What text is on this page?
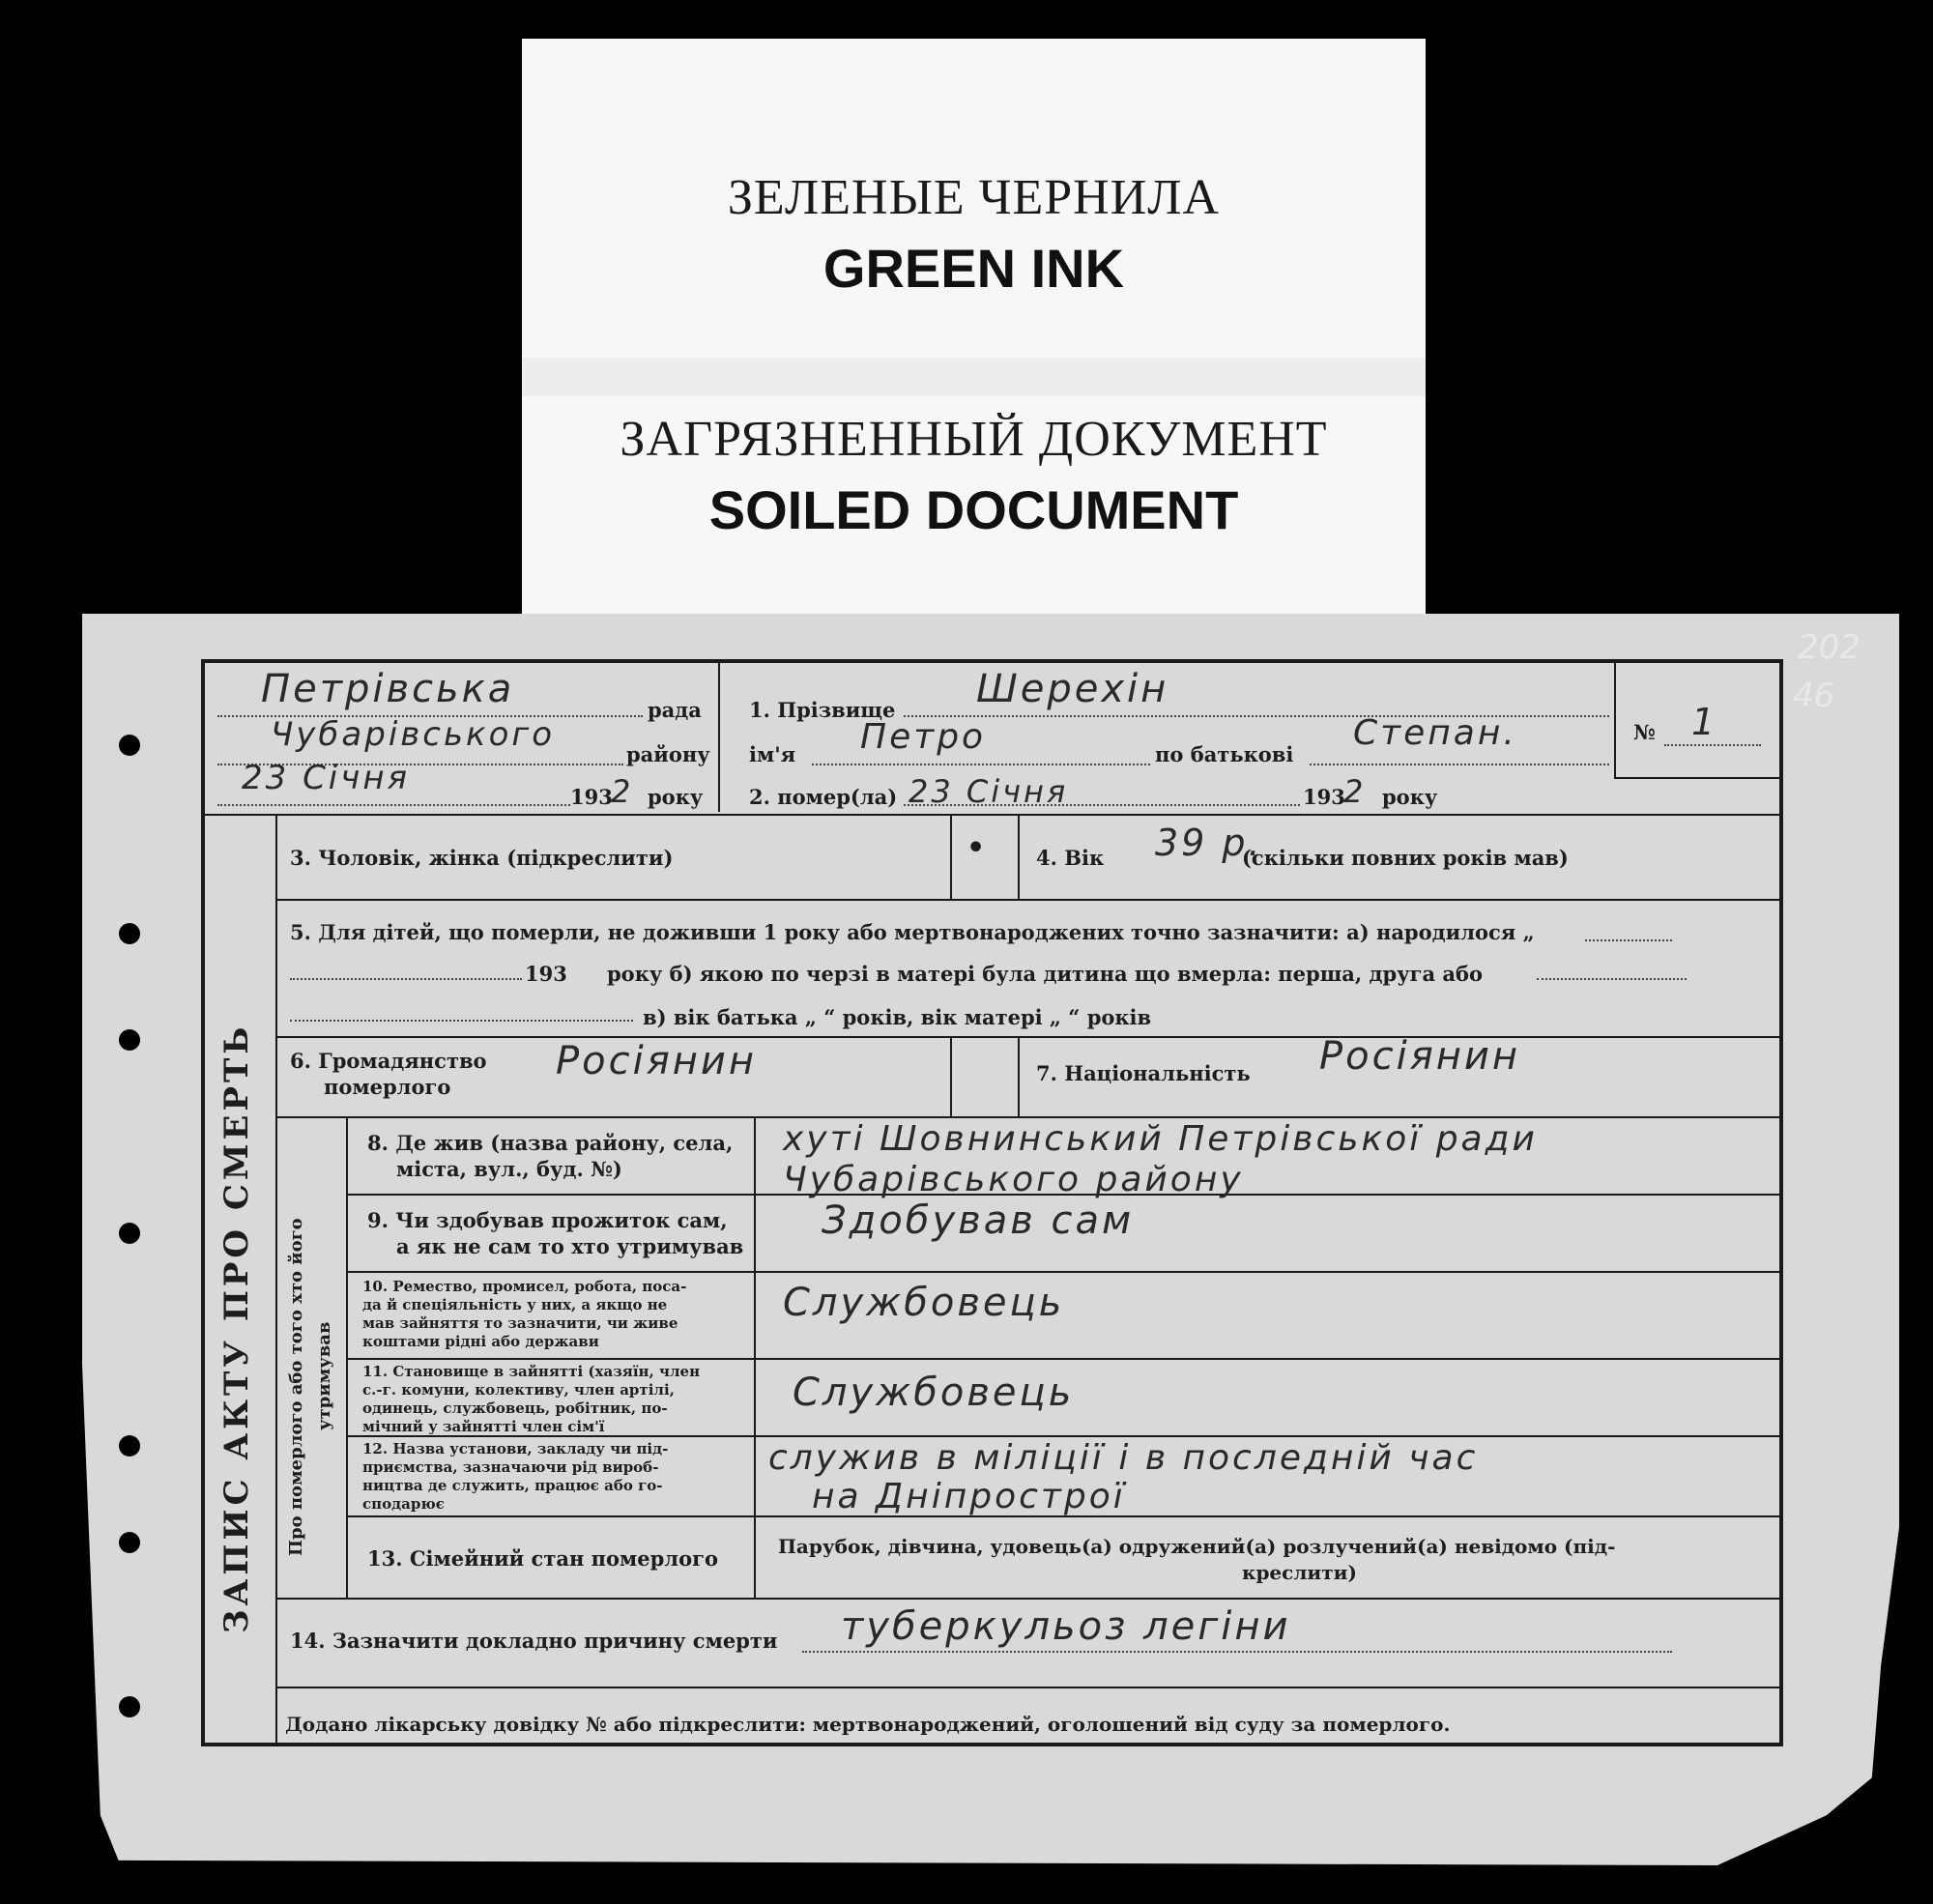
ЗЕЛЕНЫЕ ЧЕРНИЛА
GREEN INK
ЗАГРЯЗНЕННЫЙ ДОКУМЕНТ
SOILED DOCUMENT
202
46
Петрівська	рада
Чубарівського
району
23 Січня	193
2 року
1. Прізвище Шерехін
ім'я Петро	по батькові
Степан.
2. помер(ла) 23 Січня	193
2 року
№ 1
ЗАПИС АКТУ ПРО СМЕРТЬ Про померлого або того хто його утримував
3. Чоловік, жінка (підкреслити)	•	4. Вік 39 р.
(скільки повних років мав)
5. Для дітей, що померли, не доживши 1 року або мертвонароджених точно зазначити: а) народилося „
193 року б) якою по черзі в матері була дитина що вмерла: перша, друга або
в) вік батька „ “ років, вік матері „ “ років
6. Громадянство
померлого
Росіянин	7. Національність Росіянин
8. Де жив (назва району, села,
міста, вул., буд. №)
хуті Шовнинський Петрівської ради
Чубарівського району
9. Чи здобував прожиток сам,
а як не сам то хто утримував
Здобував сам
10. Ремество, промисел, робота, поса-
да й спеціяльність у них, а якщо не
мав зайняття то зазначити, чи живе
коштами рідні або держави
Службовець
11. Становище в зайнятті (хазяїн, член
с.-г. комуни, колективу, член артілі,
одинець, службовець, робітник, по-
мічний у зайнятті член сім'ї
Службовець
12. Назва установи, закладу чи під-
приємства, зазначаючи рід вироб-
ництва де служить, працює або го-
сподарює
служив в міліції і в последній час
на Дніпрострої
13. Сімейний стан померлого	Парубок, дівчина, удовець(а) одружений(а) розлучений(а) невідомо (під-
креслити)
14. Зазначити докладно причину смерти туберкульоз легіни
Додано лікарську довідку № або підкреслити: мертвонароджений, оголошений від суду за померлого.
